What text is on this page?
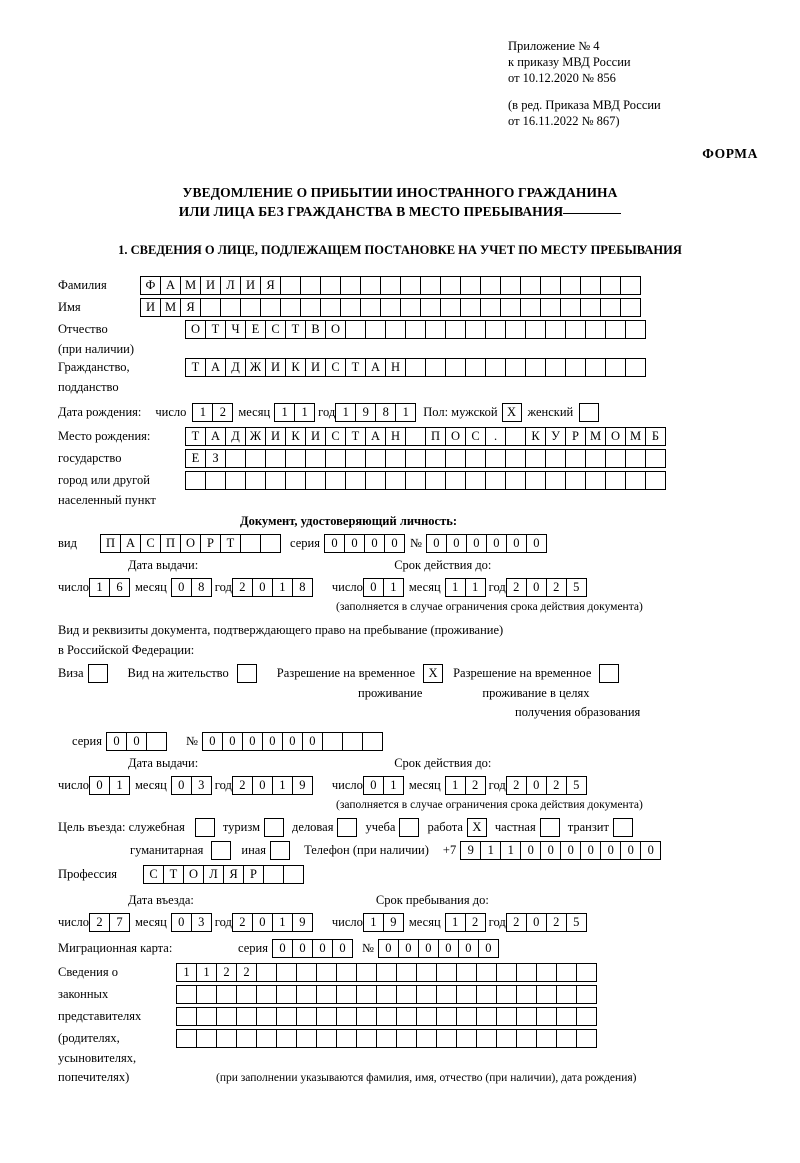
Приложение № 4
к приказу МВД России
от 10.12.2020 № 856
(в ред. Приказа МВД России
от 16.11.2022 № 867)
ФОРМА
УВЕДОМЛЕНИЕ О ПРИБЫТИИ ИНОСТРАННОГО ГРАЖДАНИНА
ИЛИ ЛИЦА БЕЗ ГРАЖДАНСТВА В МЕСТО ПРЕБЫВАНИЯ
1. СВЕДЕНИЯ О ЛИЦЕ, ПОДЛЕЖАЩЕМ ПОСТАНОВКЕ НА УЧЕТ ПО МЕСТУ ПРЕБЫВАНИЯ
Фамилия	Ф А М И Л И Я
Имя	И М Я
Отчество	О Т Ч Е С Т В О
(при наличии)
Гражданство,	Т А Д Ж И К И С Т А Н
подданство
Дата рождения: число	1	2 месяц 1	1 год 1	9	8	1	Пол: мужской X женский
Место рождения:	Т А Д Ж И К И С Т А Н	П О С	.	К У Р М О М Б
государство	Е	З
город или другой
населенный пункт
Документ, удостоверяющий личность:
вид	П А С П О Р	Т	серия 0	0	0	0 № 0	0	0	0	0	0
Дата выдачи:	Срок действия до:
число 1	6 месяц 0	8 год 2	0	1	8	число 0	1 месяц 1	1 год 2	0	2	5
(заполняется в случае ограничения срока действия документа)
Вид и реквизиты документа, подтверждающего право на пребывание (проживание)
в Российской Федерации:
Виза	Вид на жительство	Разрешение на временное	X	Разрешение на временное
проживание	проживание в целях
получения образования
серия 0	0	№ 0	0	0	0	0	0
Дата выдачи:	Срок действия до:
число 0	1 месяц 0	3 год 2	0	1	9	число 0	1 месяц 1	2 год 2	0	2	5
(заполняется в случае ограничения срока действия документа)
Цель въезда: служебная	туризм	деловая	учеба	работа X	частная	транзит
гуманитарная	иная	Телефон (при наличии) +7 9	1	1	0	0	0	0	0	0	0
Профессия	С Т О Л Я Р
Дата въезда:	Срок пребывания до:
число 2	7 месяц 0	3 год 2	0	1	9	число 1	9 месяц 1	2 год 2	0	2	5
Миграционная карта:	серия 0	0	0	0	№ 0	0	0	0	0	0
Сведения о	1	1	2	2
законных
представителях
(родителях,
усыновителях,
попечителях)	(при заполнении указываются фамилия, имя, отчество (при наличии), дата рождения)
